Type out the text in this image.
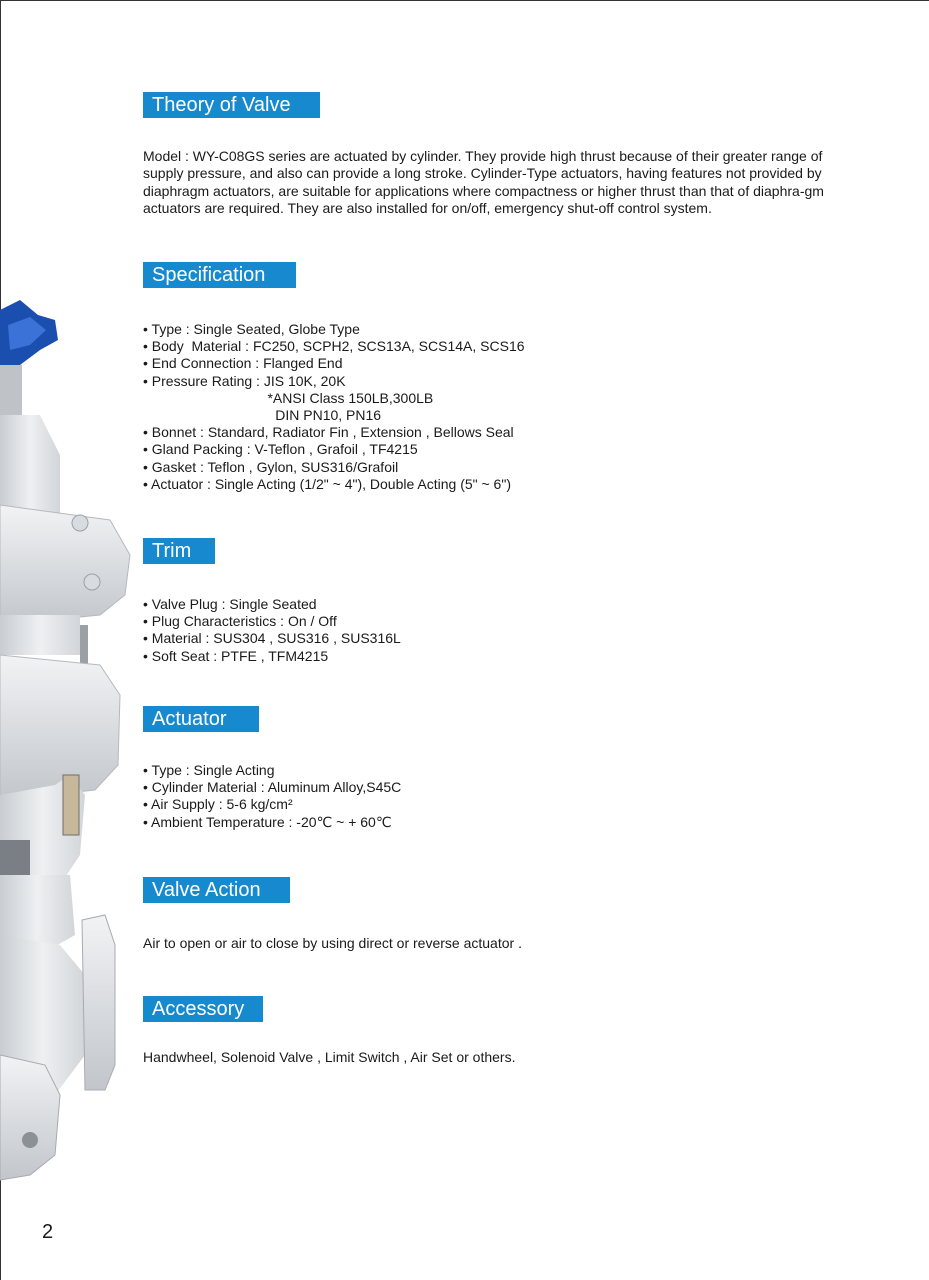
Theory of Valve

Model : WY-C08GS series are actuated by cylinder. They provide high thrust because of their greater range of supply pressure, and also can provide a long stroke. Cylinder-Type actuators, having features not provided by diaphragm actuators, are suitable for applications where compactness or higher thrust than that of diaphra-gm actuators are required. They are also installed for on/off, emergency shut-off control system.

Specification
• Type : Single Seated, Globe Type
• Body  Material : FC250, SCPH2, SCS13A, SCS14A, SCS16
• End Connection : Flanged End
• Pressure Rating : JIS 10K, 20K
*ANSI Class 150LB,300LB
DIN PN10, PN16
• Bonnet : Standard, Radiator Fin , Extension , Bellows Seal
• Gland Packing : V-Teflon , Grafoil , TF4215
• Gasket : Teflon , Gylon, SUS316/Grafoil
• Actuator : Single Acting (1/2" ~ 4"), Double Acting (5" ~ 6")
Trim
• Valve Plug : Single Seated
• Plug Characteristics : On / Off
• Material : SUS304 , SUS316 , SUS316L
• Soft Seat : PTFE , TFM4215
Actuator
• Type : Single Acting
• Cylinder Material : Aluminum Alloy,S45C
• Air Supply : 5-6 kg/cm²
• Ambient Temperature : -20℃ ~ + 60℃
Valve Action

Air to open or air to close by using direct or reverse actuator .

Accessory

Handwheel, Solenoid Valve , Limit Switch , Air Set or others.

2
